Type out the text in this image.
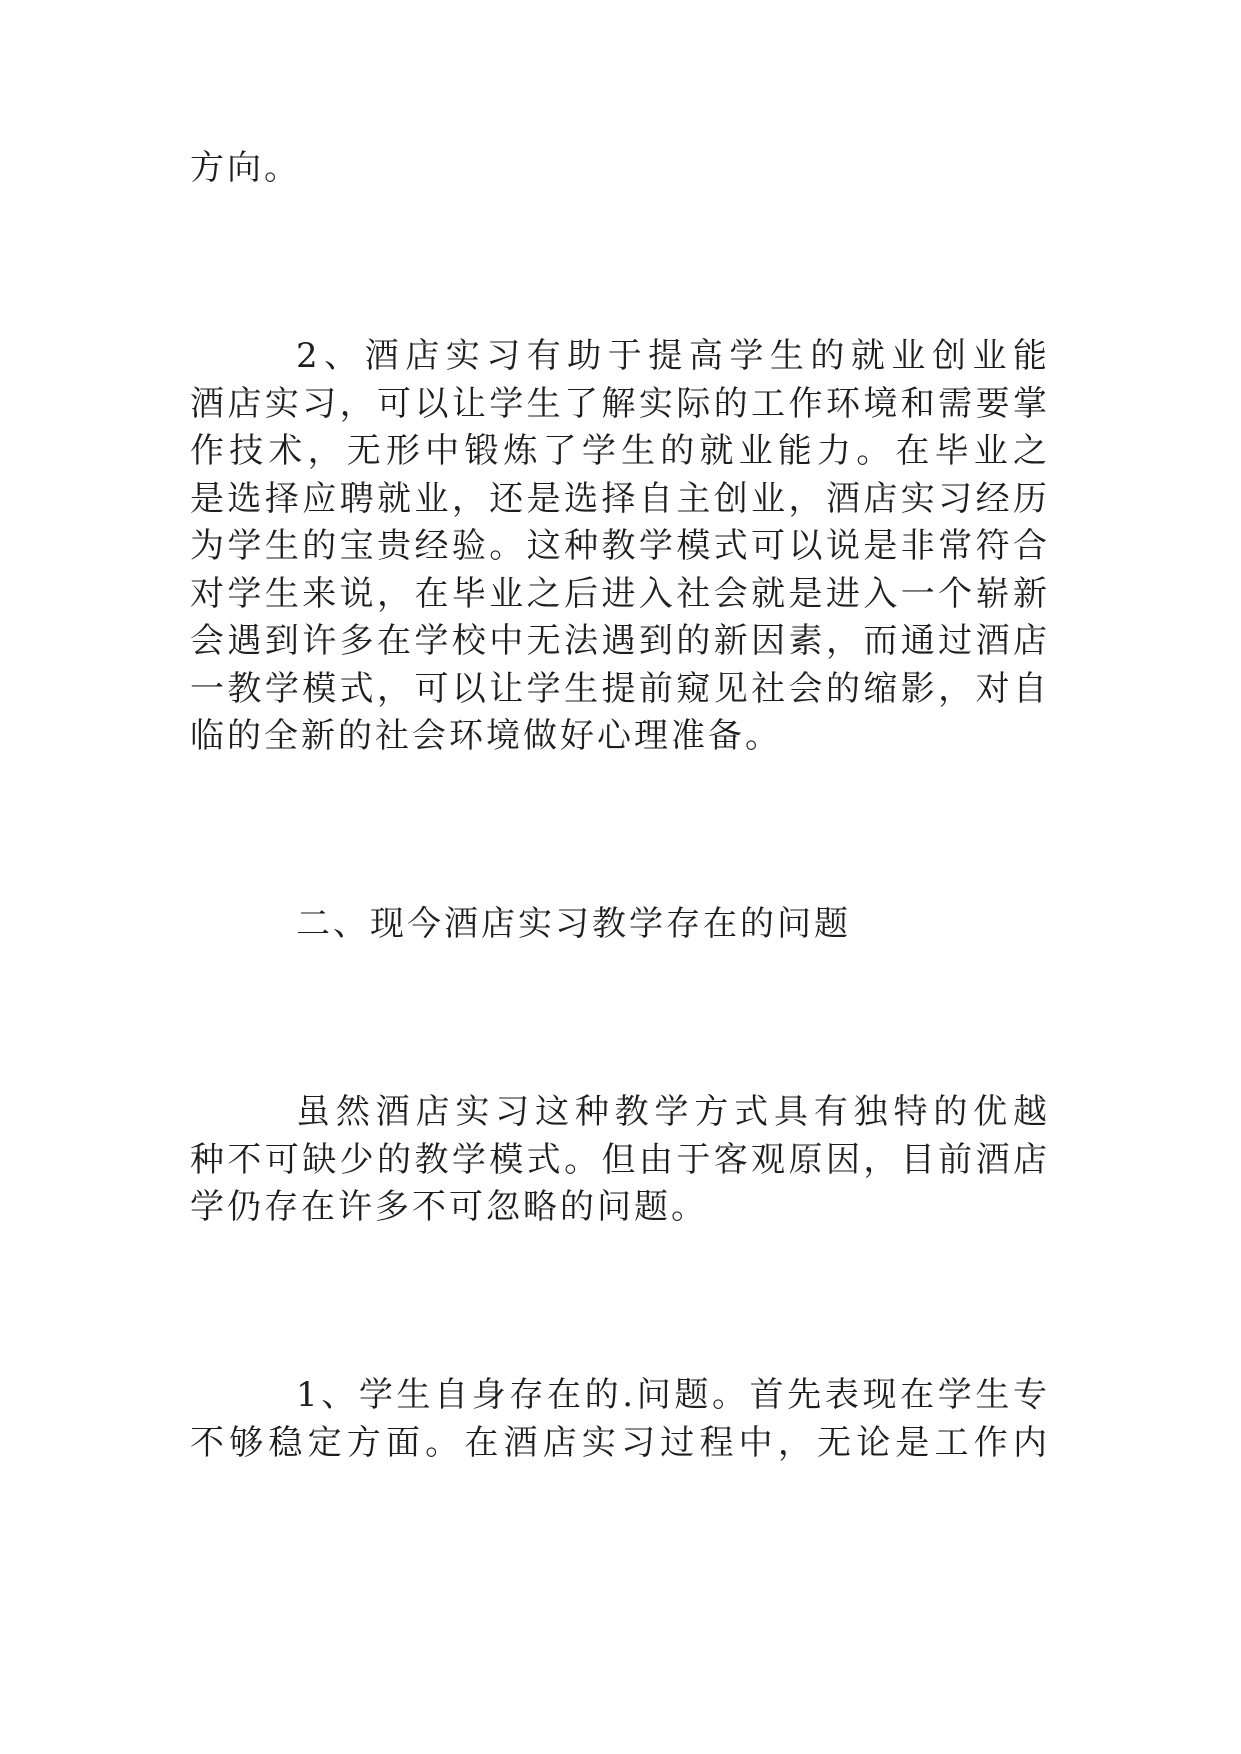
方向。

2、酒店实习有助于提高学生的就业创业能

酒店实习，可以让学生了解实际的工作环境和需要掌

作技术，无形中锻炼了学生的就业能力。在毕业之

是选择应聘就业，还是选择自主创业，酒店实习经历

为学生的宝贵经验。这种教学模式可以说是非常符合

对学生来说，在毕业之后进入社会就是进入一个崭新

会遇到许多在学校中无法遇到的新因素，而通过酒店

一教学模式，可以让学生提前窥见社会的缩影，对自

临的全新的社会环境做好心理准备。

二、现今酒店实习教学存在的问题

虽然酒店实习这种教学方式具有独特的优越

种不可缺少的教学模式。但由于客观原因，目前酒店

学仍存在许多不可忽略的问题。

1、学生自身存在的.问题。首先表现在学生专

不够稳定方面。在酒店实习过程中，无论是工作内
